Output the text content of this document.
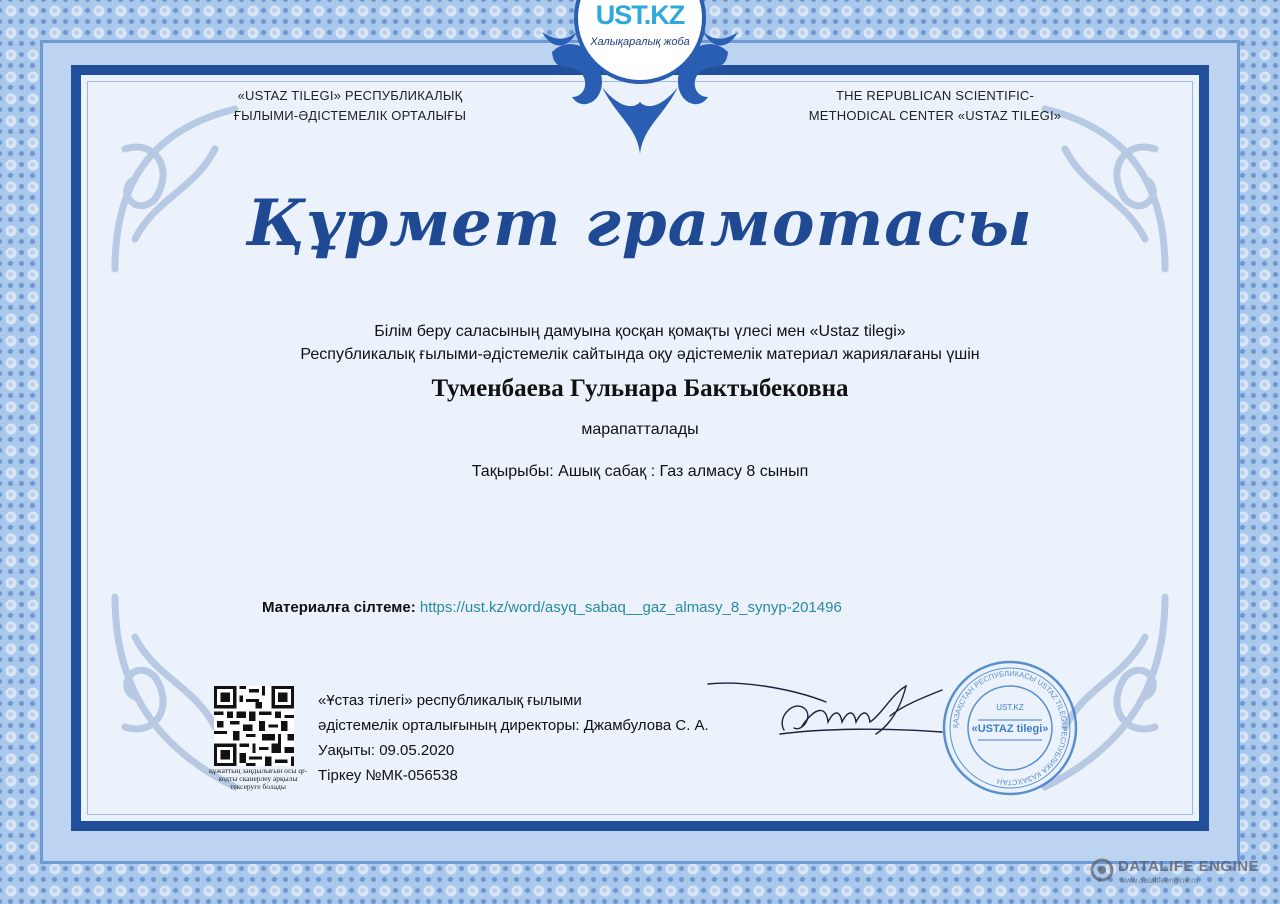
UST.KZ
Халықаралық жоба
«USTAZ TILEGI» РЕСПУБЛИКАЛЫҚ
ҒЫЛЫМИ-ӘДІСТЕМЕЛІК ОРТАЛЫҒЫ
THE REPUBLICAN SCIENTIFIC-
METHODICAL CENTER «USTAZ TILEGI»
Құрмет грамотасы
Білім беру саласының дамуына қосқан қомақты үлесі мен «Ustaz tilegi»
Республикалық ғылыми-әдістемелік сайтында оқу әдістемелік материал жариялағаны үшін
Туменбаева Гульнара Бактыбековна
марапатталады
Тақырыбы: Ашық сабақ : Газ алмасу 8 сынып
Материалға сілтеме: https://ust.kz/word/asyq_sabaq__gaz_almasy_8_synyp-201496
құжаттың заңдылығын осы qr-кодты сканерлеу арқылы тексеруге болады
«Ұстаз тілегі» республикалық ғылыми
әдістемелік орталығының директоры: Джамбулова С. А.
Уақыты: 09.05.2020
Тіркеу №МК-056538
ҚАЗАҚСТАН РЕСПУБЛИКАСЫ USTAZ TILEGI РЕСПУБЛИКА КАЗАХСТАН
UST.KZ
«USTAZ tilegi»
DATALIFE ENGINE
www.datalifeengine.ru
